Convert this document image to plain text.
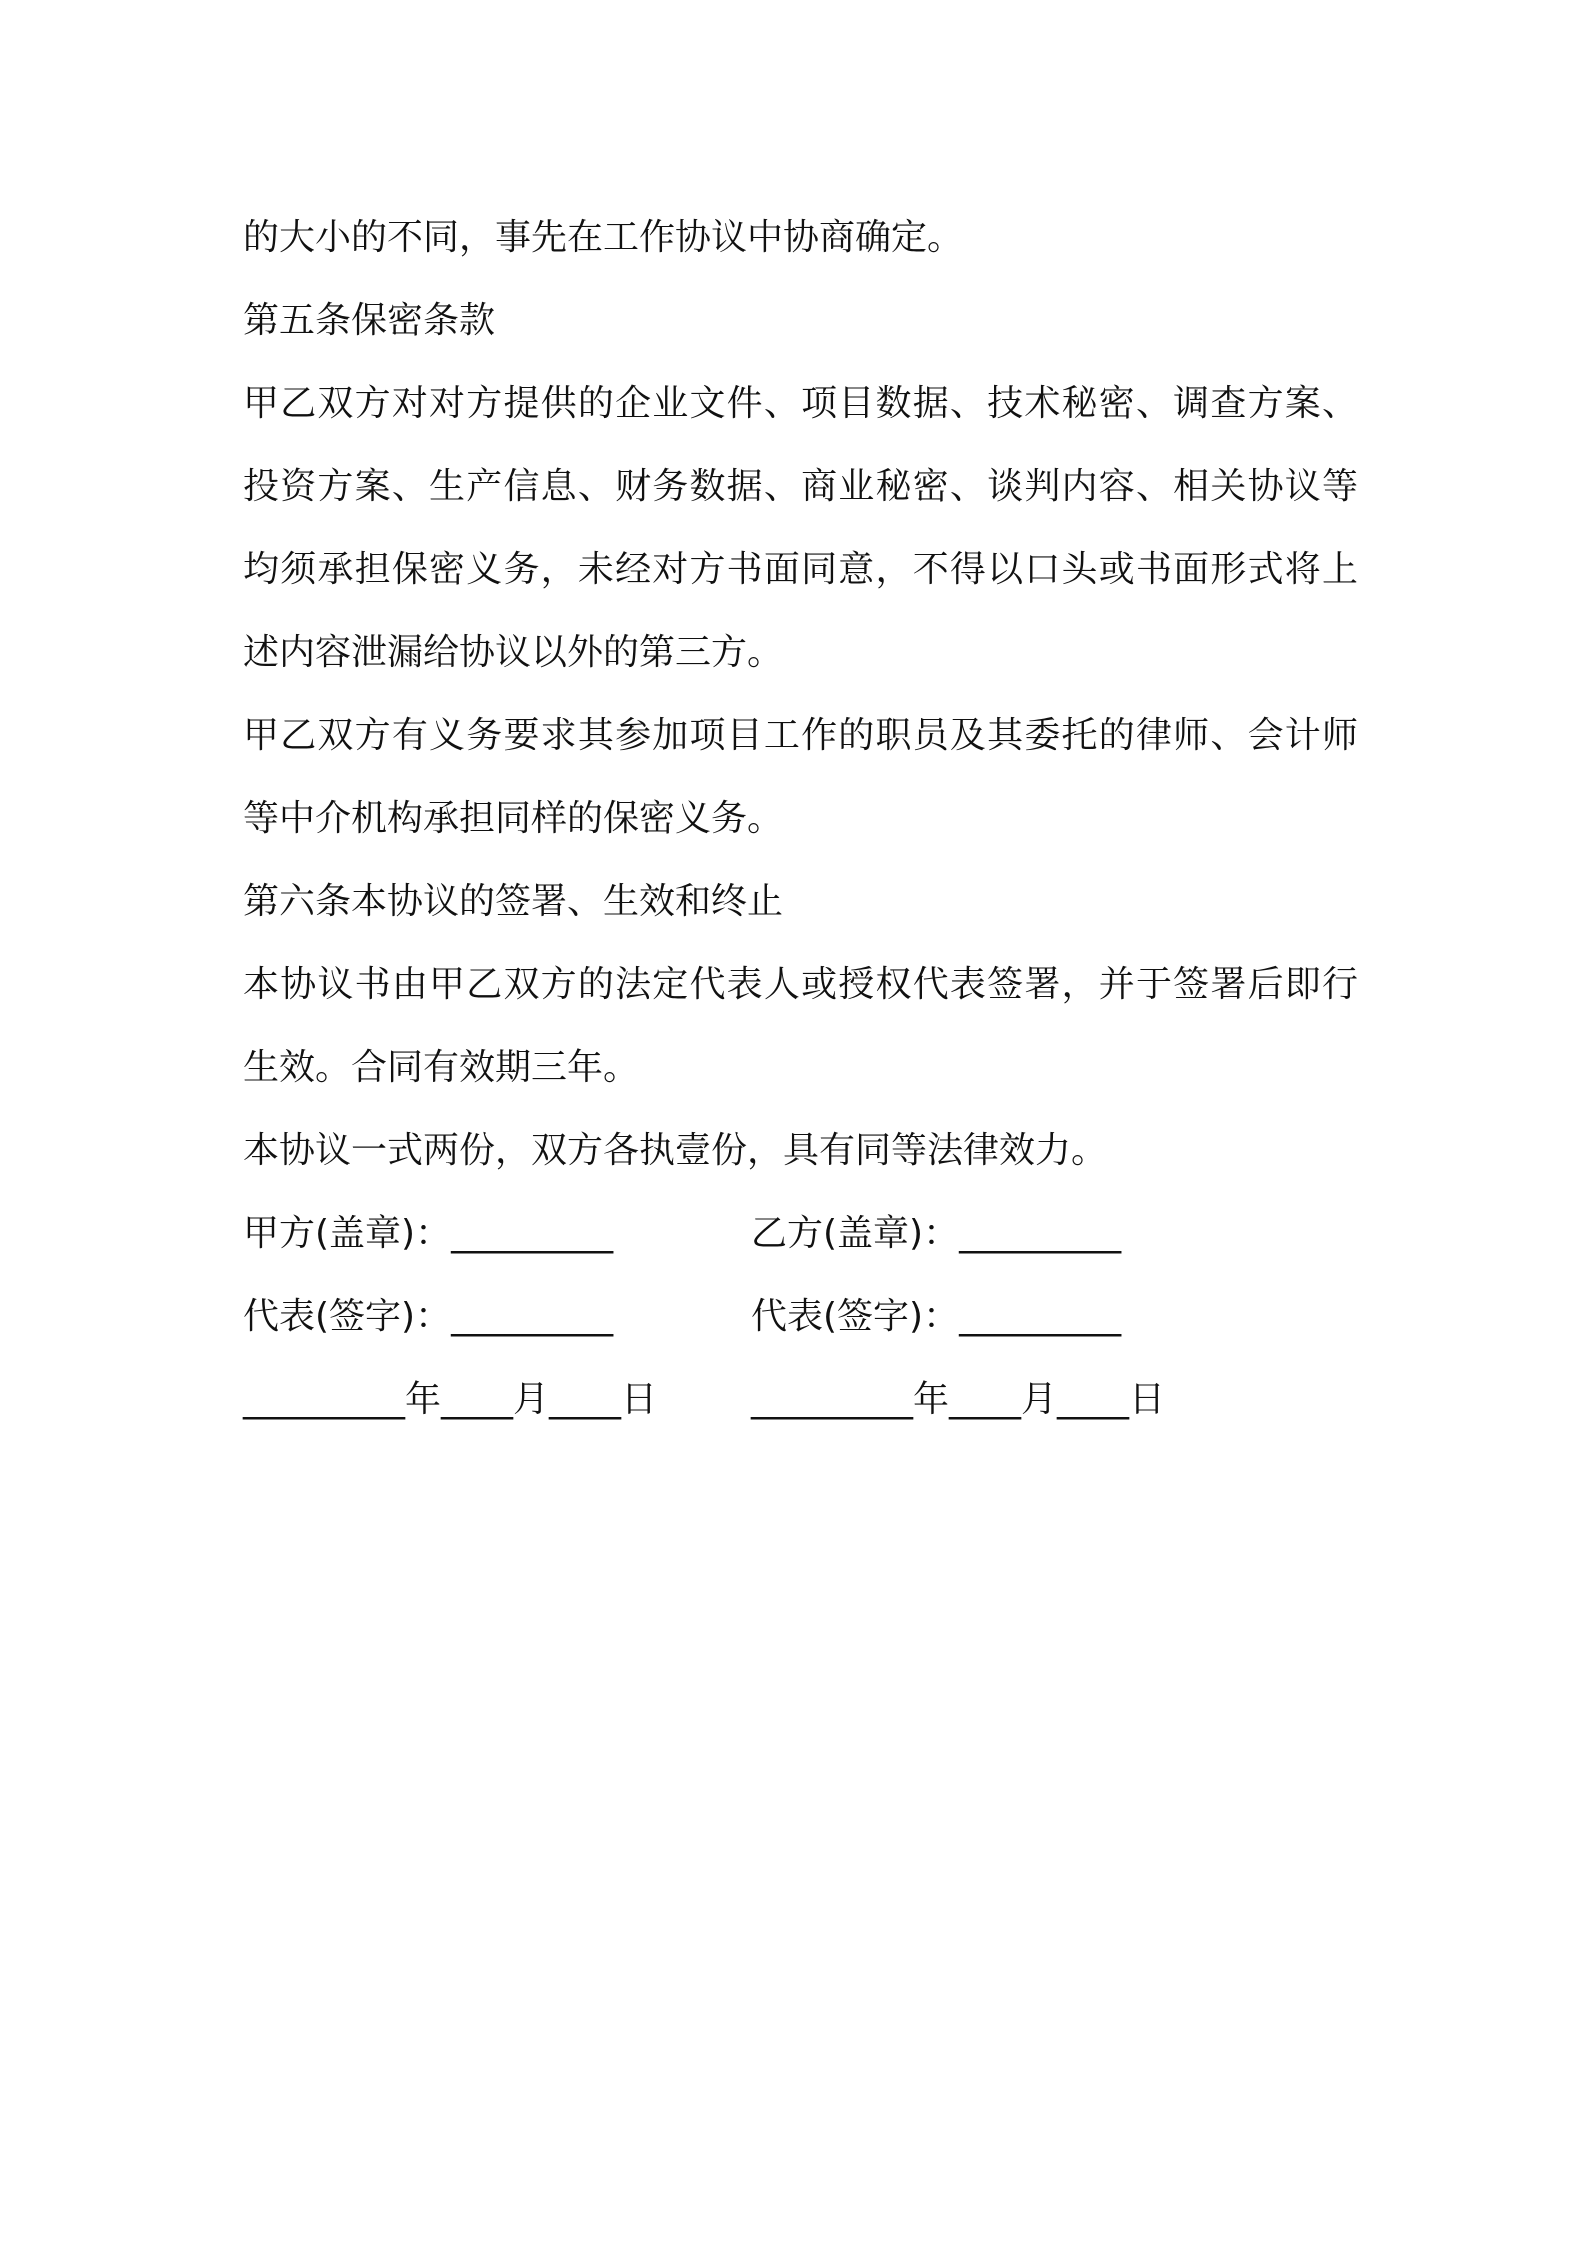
的大小的不同，事先在工作协议中协商确定。
第五条保密条款
甲乙双方对对方提供的企业文件、项目数据、技术秘密、调查方案、
投资方案、生产信息、财务数据、商业秘密、谈判内容、相关协议等
均须承担保密义务，未经对方书面同意，不得以口头或书面形式将上
述内容泄漏给协议以外的第三方。
甲乙双方有义务要求其参加项目工作的职员及其委托的律师、会计师
等中介机构承担同样的保密义务。
第六条本协议的签署、生效和终止
本协议书由甲乙双方的法定代表人或授权代表签署，并于签署后即行
生效。合同有效期三年。
本协议一式两份，双方各执壹份，具有同等法律效力。
甲方(盖章)：_________	乙方(盖章)：_________
代表(签字)：_________	代表(签字)：_________
_________年____月____日	_________年____月____日
